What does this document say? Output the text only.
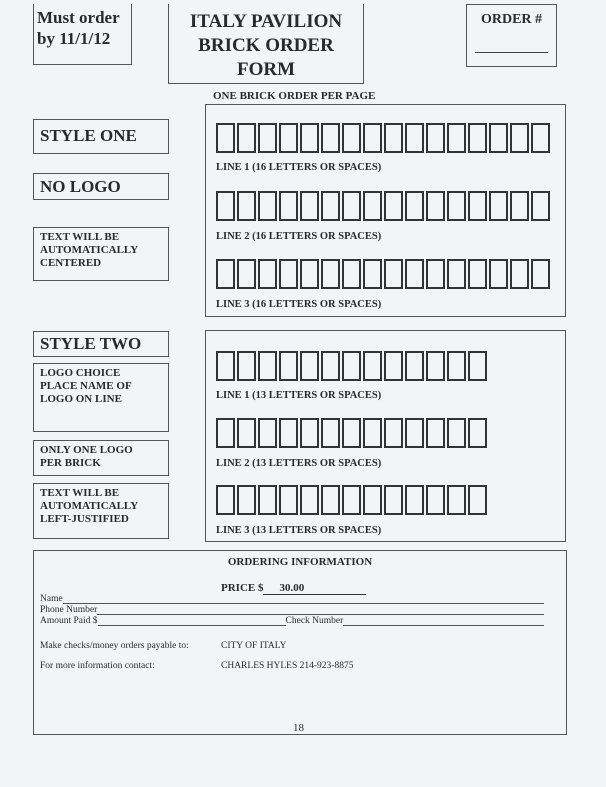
Must order
by 11/1/12
ITALY PAVILION
BRICK ORDER FORM
ORDER #
ONE BRICK ORDER PER PAGE
STYLE ONE
NO LOGO
TEXT WILL BE
AUTOMATICALLY
CENTERED
LINE 1 (16 LETTERS OR SPACES)
LINE 2 (16 LETTERS OR SPACES)
LINE 3 (16 LETTERS OR SPACES)
STYLE TWO
LOGO CHOICE
PLACE NAME OF
LOGO ON LINE
ONLY ONE LOGO
PER BRICK
TEXT WILL BE
AUTOMATICALLY
LEFT-JUSTIFIED
LINE 1 (13 LETTERS OR SPACES)
LINE 2 (13 LETTERS OR SPACES)
LINE 3 (13 LETTERS OR SPACES)
ORDERING INFORMATION
PRICE $ 30.00
Name
Phone Number
Amount Paid $	Check Number
Make checks/money orders payable to:	CITY OF ITALY
For more information contact:	CHARLES HYLES 214-923-8875
18
